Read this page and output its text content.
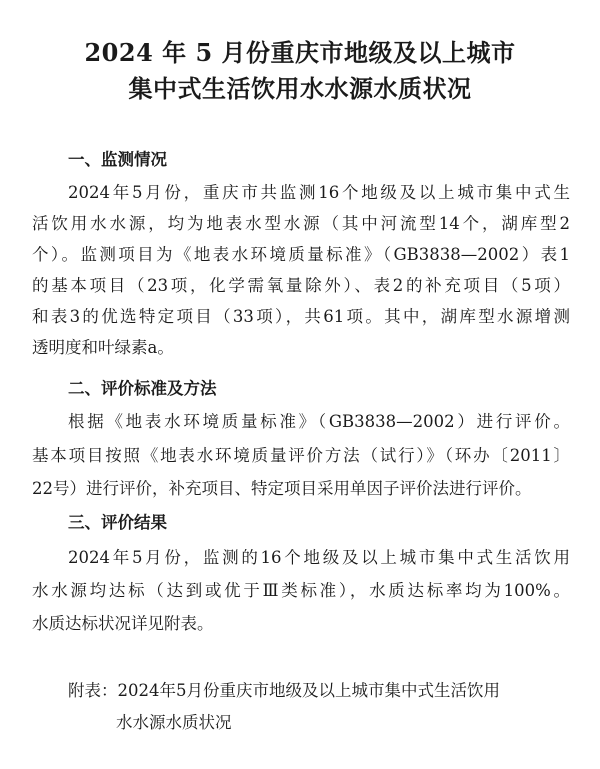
2024 年 5 月份重庆市地级及以上城市
集中式生活饮用水水源水质状况
一、监测情况
2024年5月份，重庆市共监测16个地级及以上城市集中式生
活饮用水水源，均为地表水型水源（其中河流型14个，湖库型2
个）。监测项目为《地表水环境质量标准》（GB3838—2002）表1
的基本项目（23项，化学需氧量除外）、表2的补充项目（5项）
和表3的优选特定项目（33项），共61项。其中，湖库型水源增测
透明度和叶绿素a。
二、评价标准及方法
根据《地表水环境质量标准》（GB3838—2002）进行评价。
基本项目按照《地表水环境质量评价方法（试行）》（环办〔2011〕
22号）进行评价，补充项目、特定项目采用单因子评价法进行评价。
三、评价结果
2024年5月份，监测的16个地级及以上城市集中式生活饮用
水水源均达标（达到或优于Ⅲ类标准），水质达标率均为100%。
水质达标状况详见附表。
附表：2024年5月份重庆市地级及以上城市集中式生活饮用
水水源水质状况
